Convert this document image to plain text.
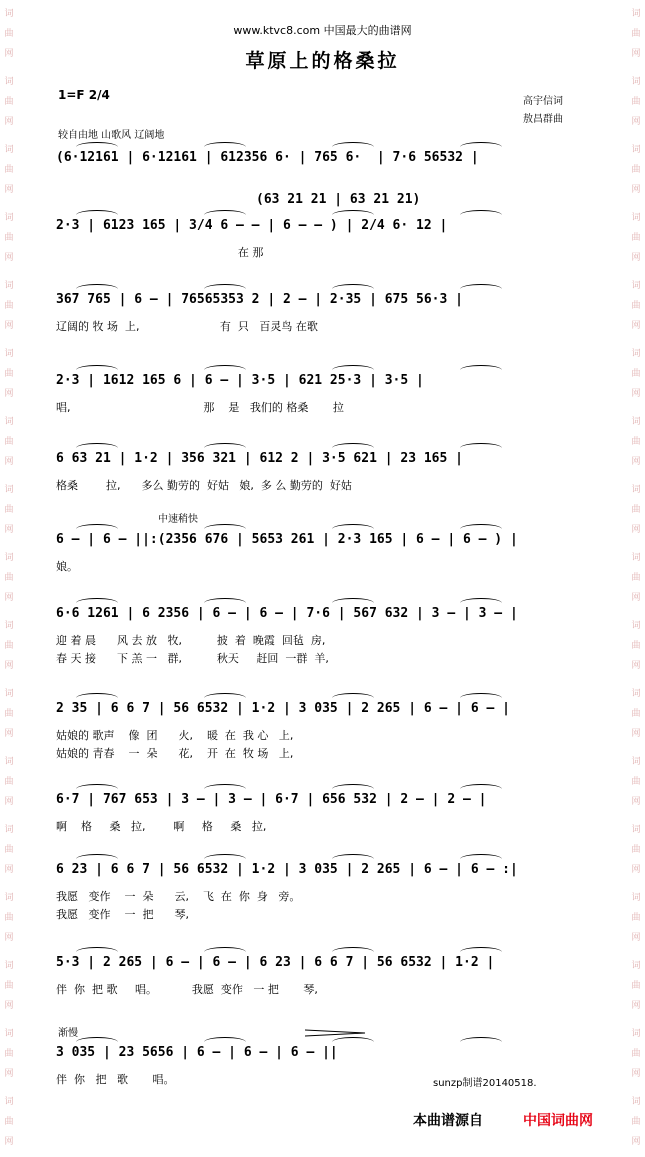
词
曲
网
词
曲
网
词
曲
网
词
曲
网
词
曲
网
词
曲
网
词
曲
网
词
曲
网
词
曲
网
词
曲
网
词
曲
网
词
曲
网
词
曲
网
词
曲
网
词
曲
网
词
曲
网
词
曲
网
词
曲
网
词
曲
网
词
曲
网
词
曲
网
词
曲
网
词
曲
网
词
曲
网
词
曲
网
词
曲
网
词
曲
网
词
曲
网
词
曲
网
词
曲
网
词
曲
网
词
曲
网
词
曲
网
词
曲
网
www.ktvc8.com 中国最大的曲谱网
草原上的格桑拉
1=F 2/4	高宇信词
敖昌群曲
较自由地 山歌风 辽阔地
(6·12161 | 6·12161 | 612356 6· | 765 6·  | 7·6 56532 |
2·3 | 6123 165 | 3/4 6 – – | 6 – – ) | 2/4 6· 12 |
(63 21 21 | 63 21 21)
在 那
367 765 | 6 – | 76565353 2 | 2 – | 2·35 | 675 56·3 |
辽阔的 牧 场  上,                       有  只   百灵鸟 在歌
2·3 | 1612 165 6 | 6 – | 3·5 | 621 25·3 | 3·5 |
唱,                                      那    是   我们的 格桑       拉
6 63 21 | 1·2 | 356 321 | 612 2 | 3·5 621 | 23 165 |
格桑        拉,      多么 勤劳的  好姑   娘,  多 么 勤劳的  好姑
6 – | 6 – ||:(2356 676 | 5653 261 | 2·3 165 | 6 – | 6 – ) |
娘。
6·6 1261 | 6 2356 | 6 – | 6 – | 7·6 | 567 632 | 3 – | 3 – |
迎 着 晨      风 去 放   牧,          披  着  晚霞  回毡  房,
春 天 接      下 羔 一   群,          秋天     赶回  一群  羊,
2 35 | 6 6 7 | 56 6532 | 1·2 | 3 035 | 2 265 | 6 – | 6 – |
姑娘的 歌声    像  团      火,    暖  在  我 心   上,
姑娘的 青春    一  朵      花,    开  在  牧 场   上,
6·7 | 767 653 | 3 – | 3 – | 6·7 | 656 532 | 2 – | 2 – |
啊    格     桑   拉,        啊     格     桑   拉,
6 23 | 6 6 7 | 56 6532 | 1·2 | 3 035 | 2 265 | 6 – | 6 – :|
我愿   变作    一  朵      云,    飞  在  你  身   旁。
我愿   变作    一  把      琴,
5·3 | 2 265 | 6 – | 6 – | 6 23 | 6 6 7 | 56 6532 | 1·2 |
伴  你  把 歌     唱。          我愿  变作   一 把       琴,
3 035 | 23 5656 | 6 – | 6 – | 6 – ||
伴  你   把   歌       唱。
中速稍快
渐慢
sunzp制谱20140518.
本曲谱源自	中国词曲网
